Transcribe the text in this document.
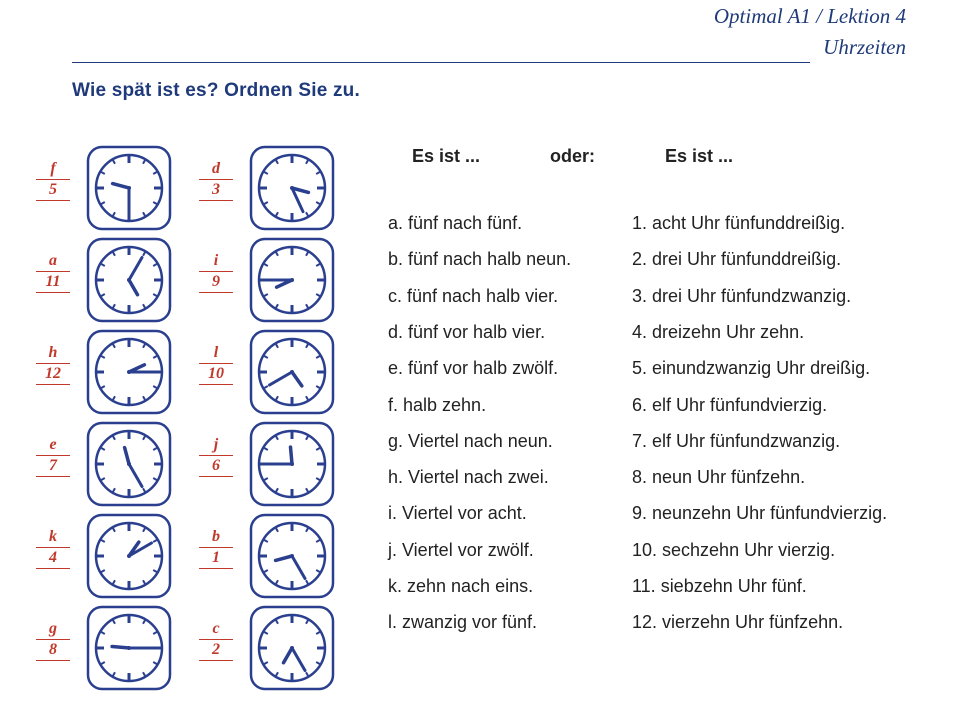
Optimal A1 / Lektion 4
Uhrzeiten
Wie spät ist es? Ordnen Sie zu.
f
5
a
11
h
12
e
7
k
4
g
8
d
3
i
9
l
10
j
6
b
1
c
2
Es ist ...	oder:	Es ist ...
a. fünf nach fünf.
b. fünf nach halb neun.
c. fünf nach halb vier.
d. fünf vor halb vier.
e. fünf vor halb zwölf.
f. halb zehn.
g. Viertel nach neun.
h. Viertel nach zwei.
i. Viertel vor acht.
j. Viertel vor zwölf.
k. zehn nach eins.
l. zwanzig vor fünf.
1. acht Uhr fünfunddreißig.
2. drei Uhr fünfunddreißig.
3. drei Uhr fünfundzwanzig.
4. dreizehn Uhr zehn.
5. einundzwanzig Uhr dreißig.
6. elf Uhr fünfundvierzig.
7. elf Uhr fünfundzwanzig.
8. neun Uhr fünfzehn.
9. neunzehn Uhr fünfundvierzig.
10. sechzehn Uhr vierzig.
11. siebzehn Uhr fünf.
12. vierzehn Uhr fünfzehn.
